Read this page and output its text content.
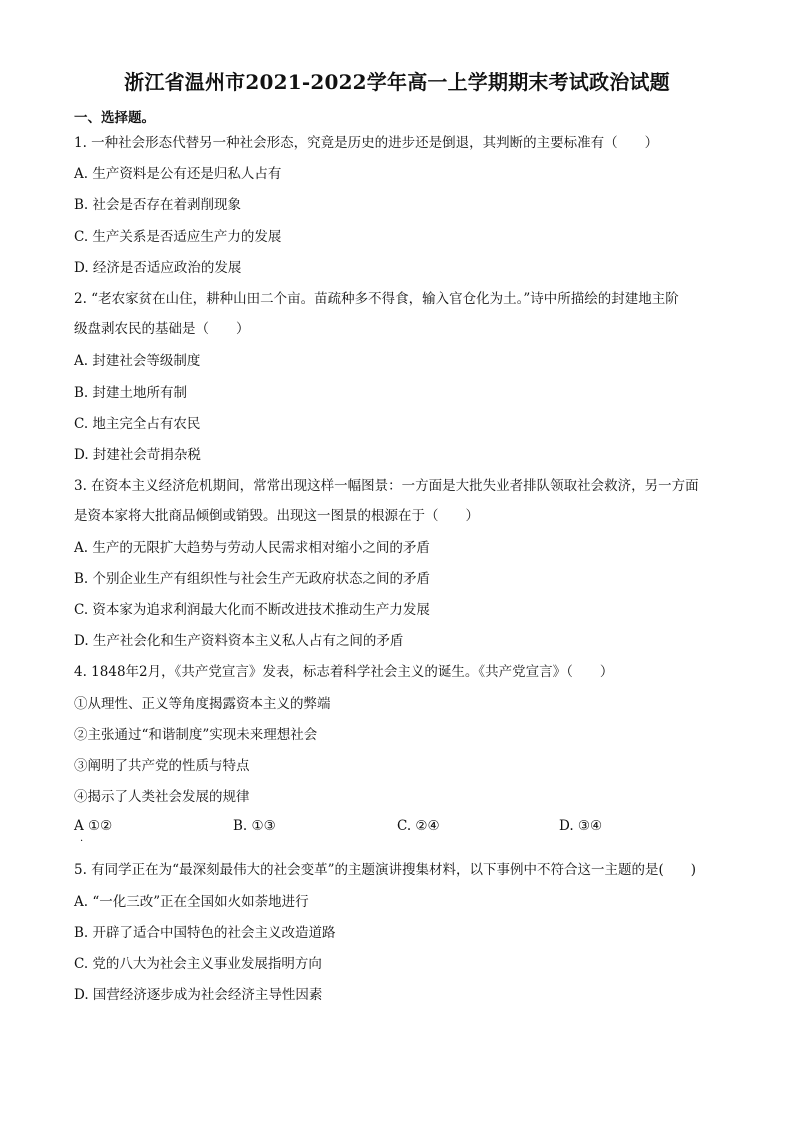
浙江省温州市2021-2022学年高一上学期期末考试政治试题
一、选择题。
1. 一种社会形态代替另一种社会形态，究竟是历史的进步还是倒退，其判断的主要标准有（　　）
A. 生产资料是公有还是归私人占有
B. 社会是否存在着剥削现象
C. 生产关系是否适应生产力的发展
D. 经济是否适应政治的发展
2. “老农家贫在山住，耕种山田二个亩。苗疏种多不得食，输入官仓化为土。”诗中所描绘的封建地主阶
级盘剥农民的基础是（　　）
A. 封建社会等级制度
B. 封建土地所有制
C. 地主完全占有农民
D. 封建社会苛捐杂税
3. 在资本主义经济危机期间，常常出现这样一幅图景：一方面是大批失业者排队领取社会救济，另一方面
是资本家将大批商品倾倒或销毁。出现这一图景的根源在于（　　）
A. 生产的无限扩大趋势与劳动人民需求相对缩小之间的矛盾
B. 个别企业生产有组织性与社会生产无政府状态之间的矛盾
C. 资本家为追求利润最大化而不断改进技术推动生产力发展
D. 生产社会化和生产资料资本主义私人占有之间的矛盾
4. 1848年2月，《共产党宣言》发表，标志着科学社会主义的诞生。《共产党宣言》（　　）
①从理性、正义等角度揭露资本主义的弊端
②主张通过“和谐制度”实现未来理想社会
③阐明了共产党的性质与特点
④揭示了人类社会发展的规律
A ①②	B. ①③	C. ②④	D. ③④
·
5. 有同学正在为“最深刻最伟大的社会变革”的主题演讲搜集材料，以下事例中不符合这一主题的是(　　)
A. “一化三改”正在全国如火如荼地进行
B. 开辟了适合中国特色的社会主义改造道路
C. 党的八大为社会主义事业发展指明方向
D. 国营经济逐步成为社会经济主导性因素
